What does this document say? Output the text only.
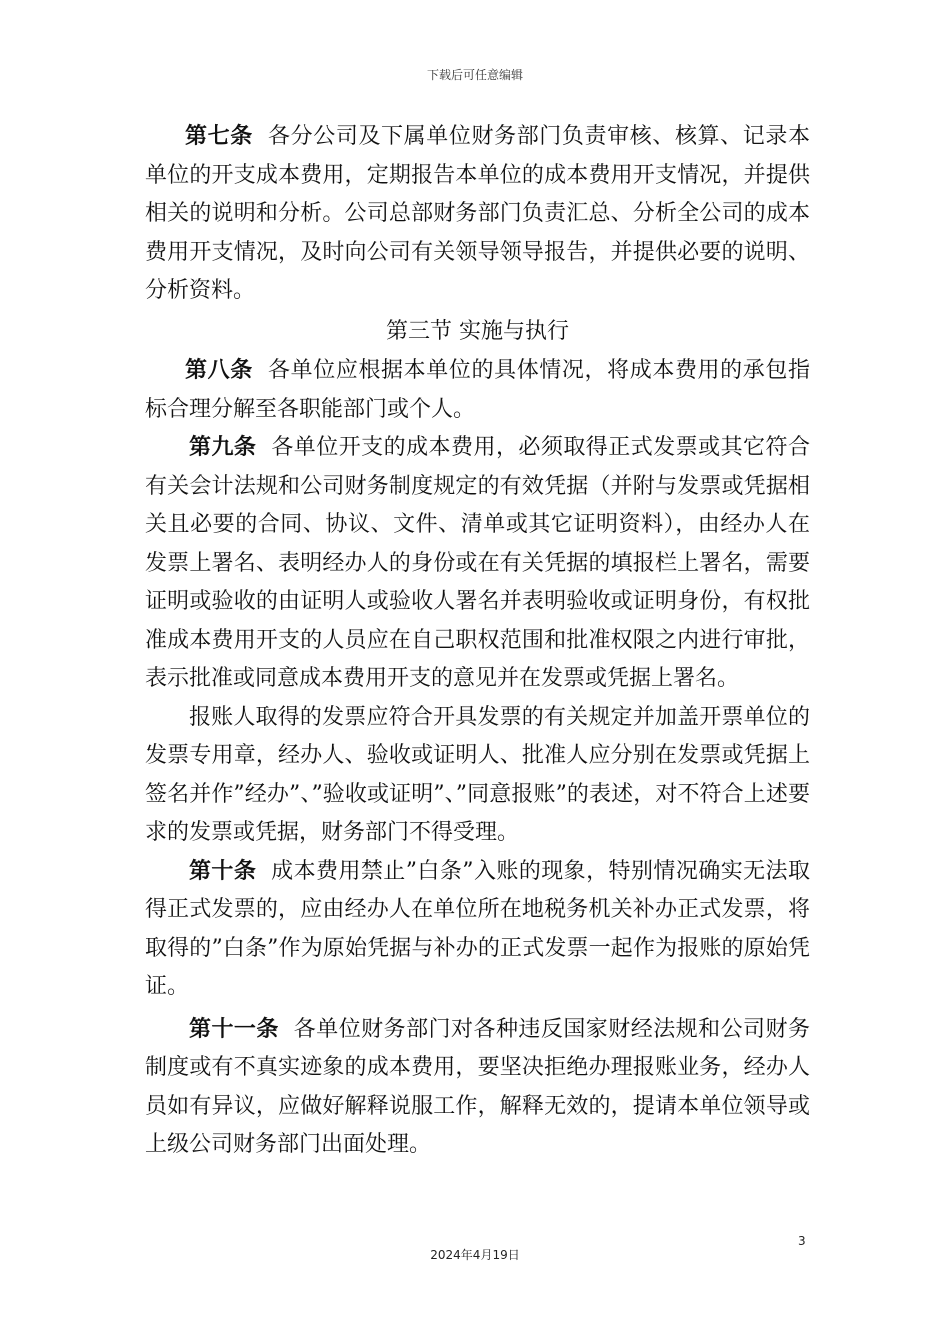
下载后可任意编辑

第七条 各分公司及下属单位财务部门负责审核、核算、记录本单位的开支成本费用，定期报告本单位的成本费用开支情况，并提供相关的说明和分析。公司总部财务部门负责汇总、分析全公司的成本费用开支情况，及时向公司有关领导领导报告，并提供必要的说明、分析资料。

第三节 实施与执行

第八条 各单位应根据本单位的具体情况，将成本费用的承包指标合理分解至各职能部门或个人。

第九条 各单位开支的成本费用，必须取得正式发票或其它符合有关会计法规和公司财务制度规定的有效凭据（并附与发票或凭据相关且必要的合同、协议、文件、清单或其它证明资料），由经办人在发票上署名、表明经办人的身份或在有关凭据的填报栏上署名，需要证明或验收的由证明人或验收人署名并表明验收或证明身份，有权批准成本费用开支的人员应在自己职权范围和批准权限之内进行审批，表示批准或同意成本费用开支的意见并在发票或凭据上署名。

报账人取得的发票应符合开具发票的有关规定并加盖开票单位的发票专用章，经办人、验收或证明人、批准人应分别在发票或凭据上签名并作”经办”、”验收或证明”、”同意报账”的表述，对不符合上述要求的发票或凭据，财务部门不得受理。

第十条 成本费用禁止”白条”入账的现象，特别情况确实无法取得正式发票的，应由经办人在单位所在地税务机关补办正式发票，将取得的”白条”作为原始凭据与补办的正式发票一起作为报账的原始凭证。

第十一条 各单位财务部门对各种违反国家财经法规和公司财务制度或有不真实迹象的成本费用，要坚决拒绝办理报账业务，经办人员如有异议，应做好解释说服工作，解释无效的，提请本单位领导或上级公司财务部门出面处理。

3
2024年4月19日
